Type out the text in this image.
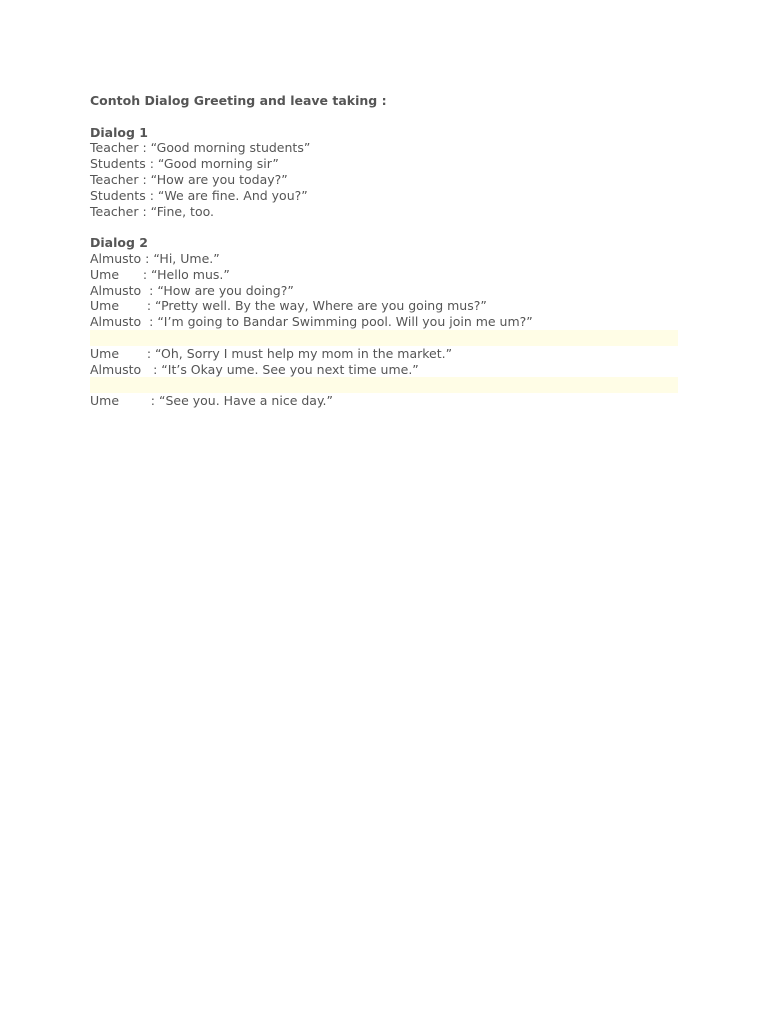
Contoh Dialog Greeting and leave taking :
Dialog 1
Teacher : “Good morning students”
Students : “Good morning sir”
Teacher : “How are you today?”
Students : “We are fine. And you?”
Teacher : “Fine, too.
Dialog 2
Almusto : “Hi, Ume.”
Ume      : “Hello mus.”
Almusto  : “How are you doing?”
Ume       : “Pretty well. By the way, Where are you going mus?”
Almusto  : “I’m going to Bandar Swimming pool. Will you join me um?”
Ume       : “Oh, Sorry I must help my mom in the market.”
Almusto   : “It’s Okay ume. See you next time ume.”
Ume        : “See you. Have a nice day.”
